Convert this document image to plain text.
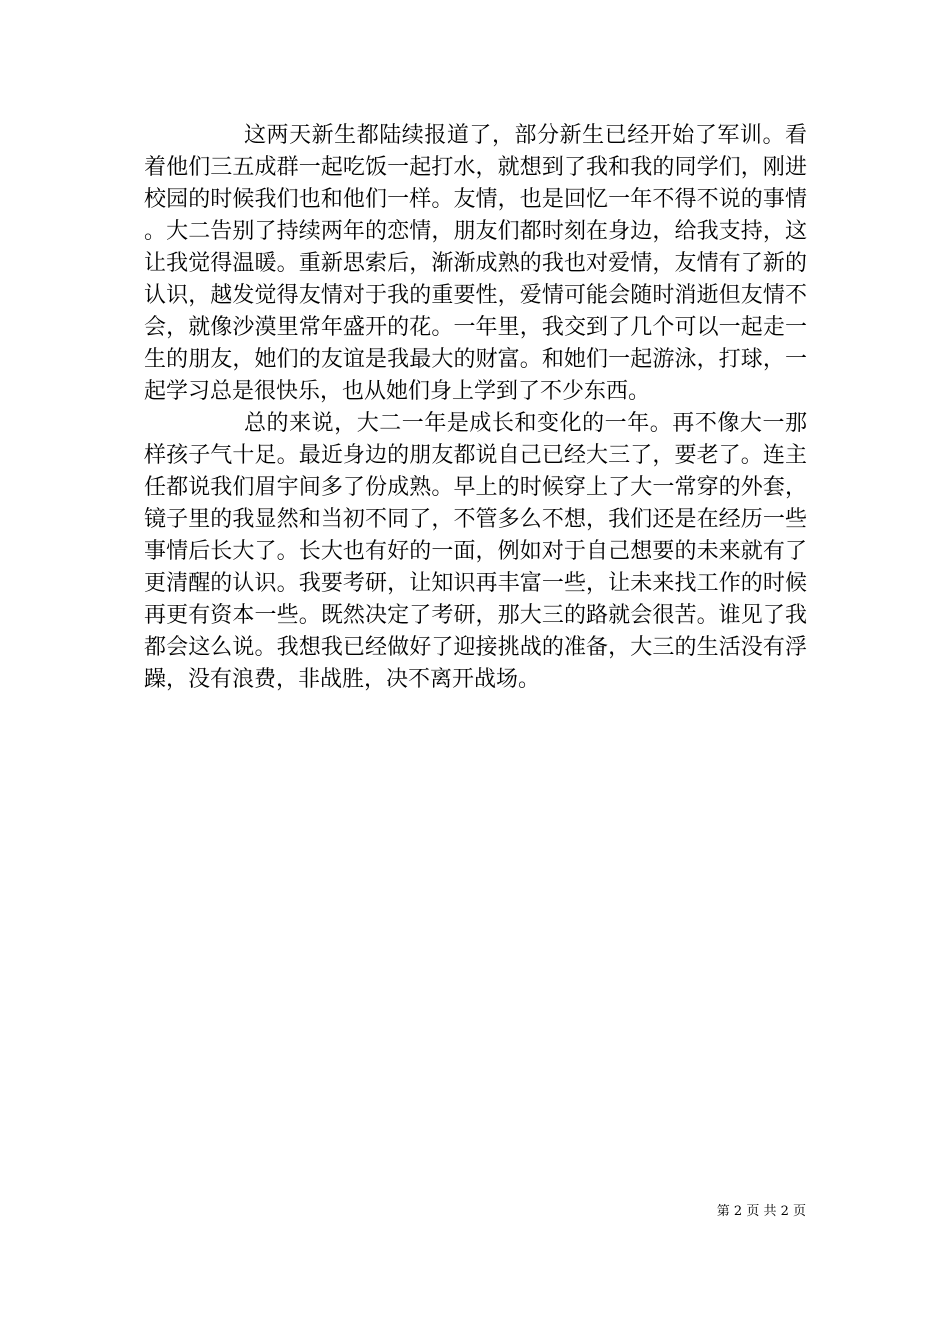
这两天新生都陆续报道了，部分新生已经开始了军训。看着他们三五成群一起吃饭一起打水，就想到了我和我的同学们，刚进校园的时候我们也和他们一样。友情，也是回忆一年不得不说的事情。大二告别了持续两年的恋情，朋友们都时刻在身边，给我支持，这让我觉得温暖。重新思索后，渐渐成熟的我也对爱情，友情有了新的认识，越发觉得友情对于我的重要性，爱情可能会随时消逝但友情不会，就像沙漠里常年盛开的花。一年里，我交到了几个可以一起走一生的朋友，她们的友谊是我最大的财富。和她们一起游泳，打球，一起学习总是很快乐，也从她们身上学到了不少东西。

总的来说，大二一年是成长和变化的一年。再不像大一那样孩子气十足。最近身边的朋友都说自己已经大三了，要老了。连主任都说我们眉宇间多了份成熟。早上的时候穿上了大一常穿的外套，镜子里的我显然和当初不同了，不管多么不想，我们还是在经历一些事情后长大了。长大也有好的一面，例如对于自己想要的未来就有了更清醒的认识。我要考研，让知识再丰富一些，让未来找工作的时候再更有资本一些。既然决定了考研，那大三的路就会很苦。谁见了我都会这么说。我想我已经做好了迎接挑战的准备，大三的生活没有浮躁，没有浪费，非战胜，决不离开战场。

第 2 页 共 2 页
